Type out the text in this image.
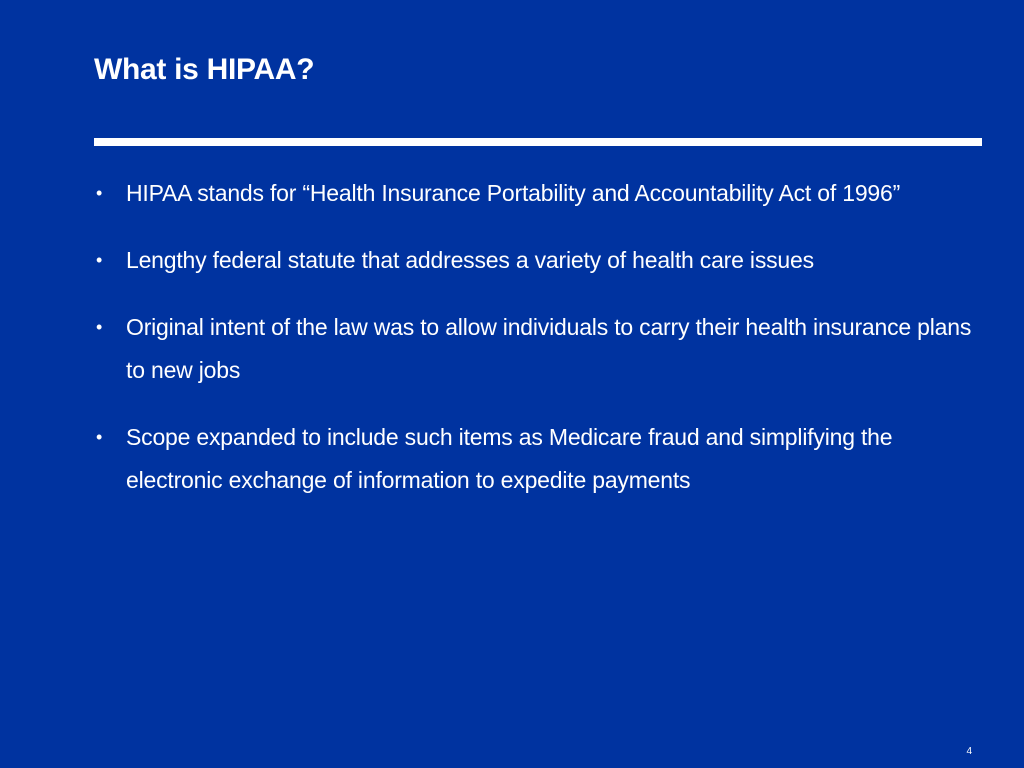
What is HIPAA?
• HIPAA stands for “Health Insurance Portability and Accountability Act of 1996”
• Lengthy federal statute that addresses a variety of health care issues
• Original intent of the law was to allow individuals to carry their health insurance plans to new jobs
• Scope expanded to include such items as Medicare fraud and simplifying the electronic exchange of information to expedite payments
4
